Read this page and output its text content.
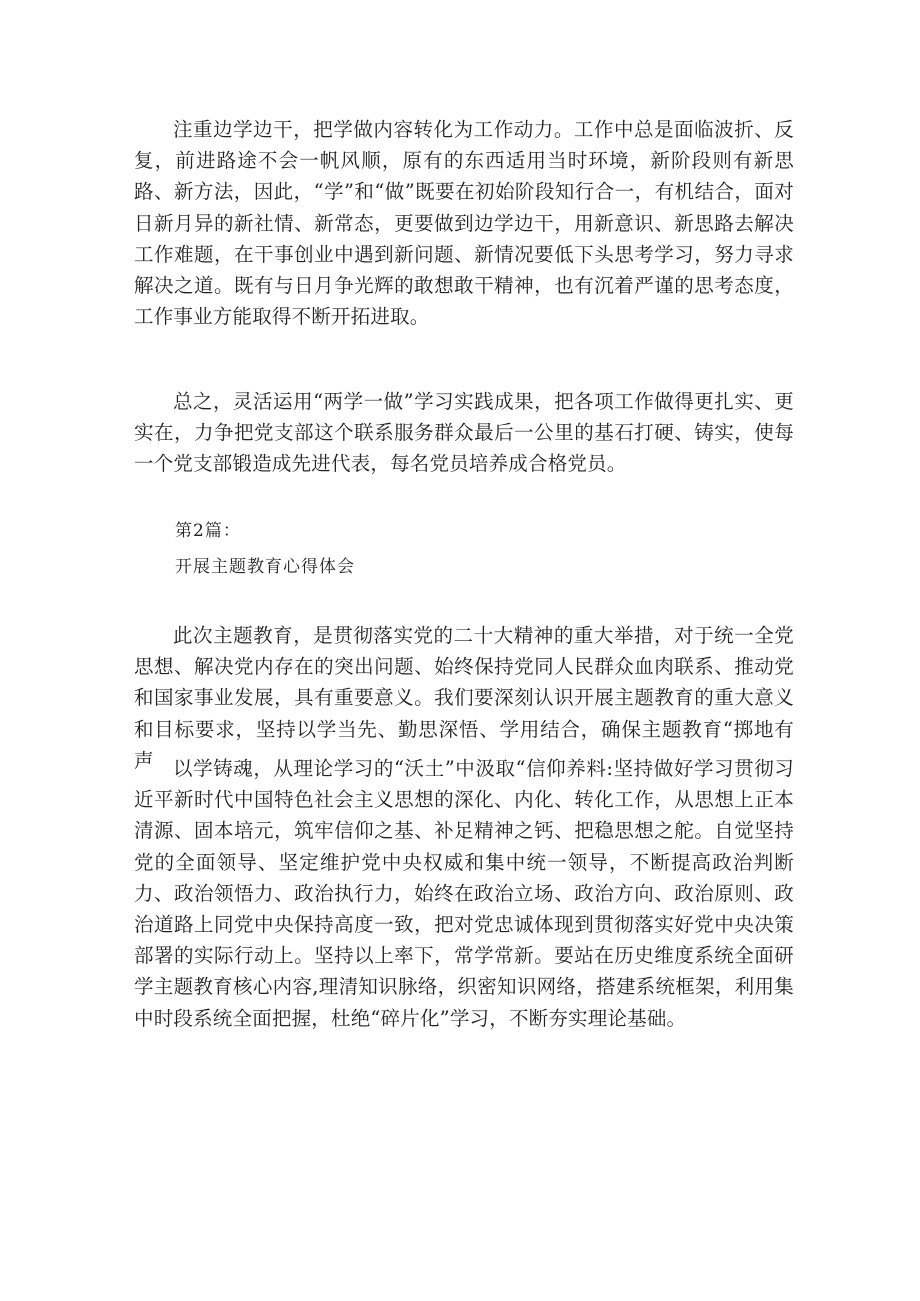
注重边学边干，把学做内容转化为工作动力。工作中总是面临波折、反复，前进路途不会一帆风顺，原有的东西适用当时环境，新阶段则有新思路、新方法，因此，“学”和“做”既要在初始阶段知行合一，有机结合，面对日新月异的新社情、新常态，更要做到边学边干，用新意识、新思路去解决工作难题，在干事创业中遇到新问题、新情况要低下头思考学习，努力寻求解决之道。既有与日月争光辉的敢想敢干精神，也有沉着严谨的思考态度，工作事业方能取得不断开拓进取。

总之，灵活运用“两学一做”学习实践成果，把各项工作做得更扎实、更实在，力争把党支部这个联系服务群众最后一公里的基石打硬、铸实，使每一个党支部锻造成先进代表，每名党员培养成合格党员。

第2篇：

开展主题教育心得体会

此次主题教育，是贯彻落实党的二十大精神的重大举措，对于统一全党思想、解决党内存在的突出问题、始终保持党同人民群众血肉联系、推动党和国家事业发展，具有重要意义。我们要深刻认识开展主题教育的重大意义和目标要求，坚持以学当先、勤思深悟、学用结合，确保主题教育“掷地有声 以学铸魂，从理论学习的“沃土”中汲取“信仰养料:坚持做好学习贯彻习近平新时代中国特色社会主义思想的深化、内化、转化工作，从思想上正本清源、固本培元，筑牢信仰之基、补足精神之钙、把稳思想之舵。自觉坚持党的全面领导、坚定维护党中央权威和集中统一领导，不断提高政治判断力、政治领悟力、政治执行力，始终在政治立场、政治方向、政治原则、政治道路上同党中央保持高度一致，把对党忠诚体现到贯彻落实好党中央决策部署的实际行动上。坚持以上率下，常学常新。要站在历史维度系统全面研学主题教育核心内容,理清知识脉络，织密知识网络，搭建系统框架，利用集中时段系统全面把握，杜绝“碎片化”学习，不断夯实理论基础。
